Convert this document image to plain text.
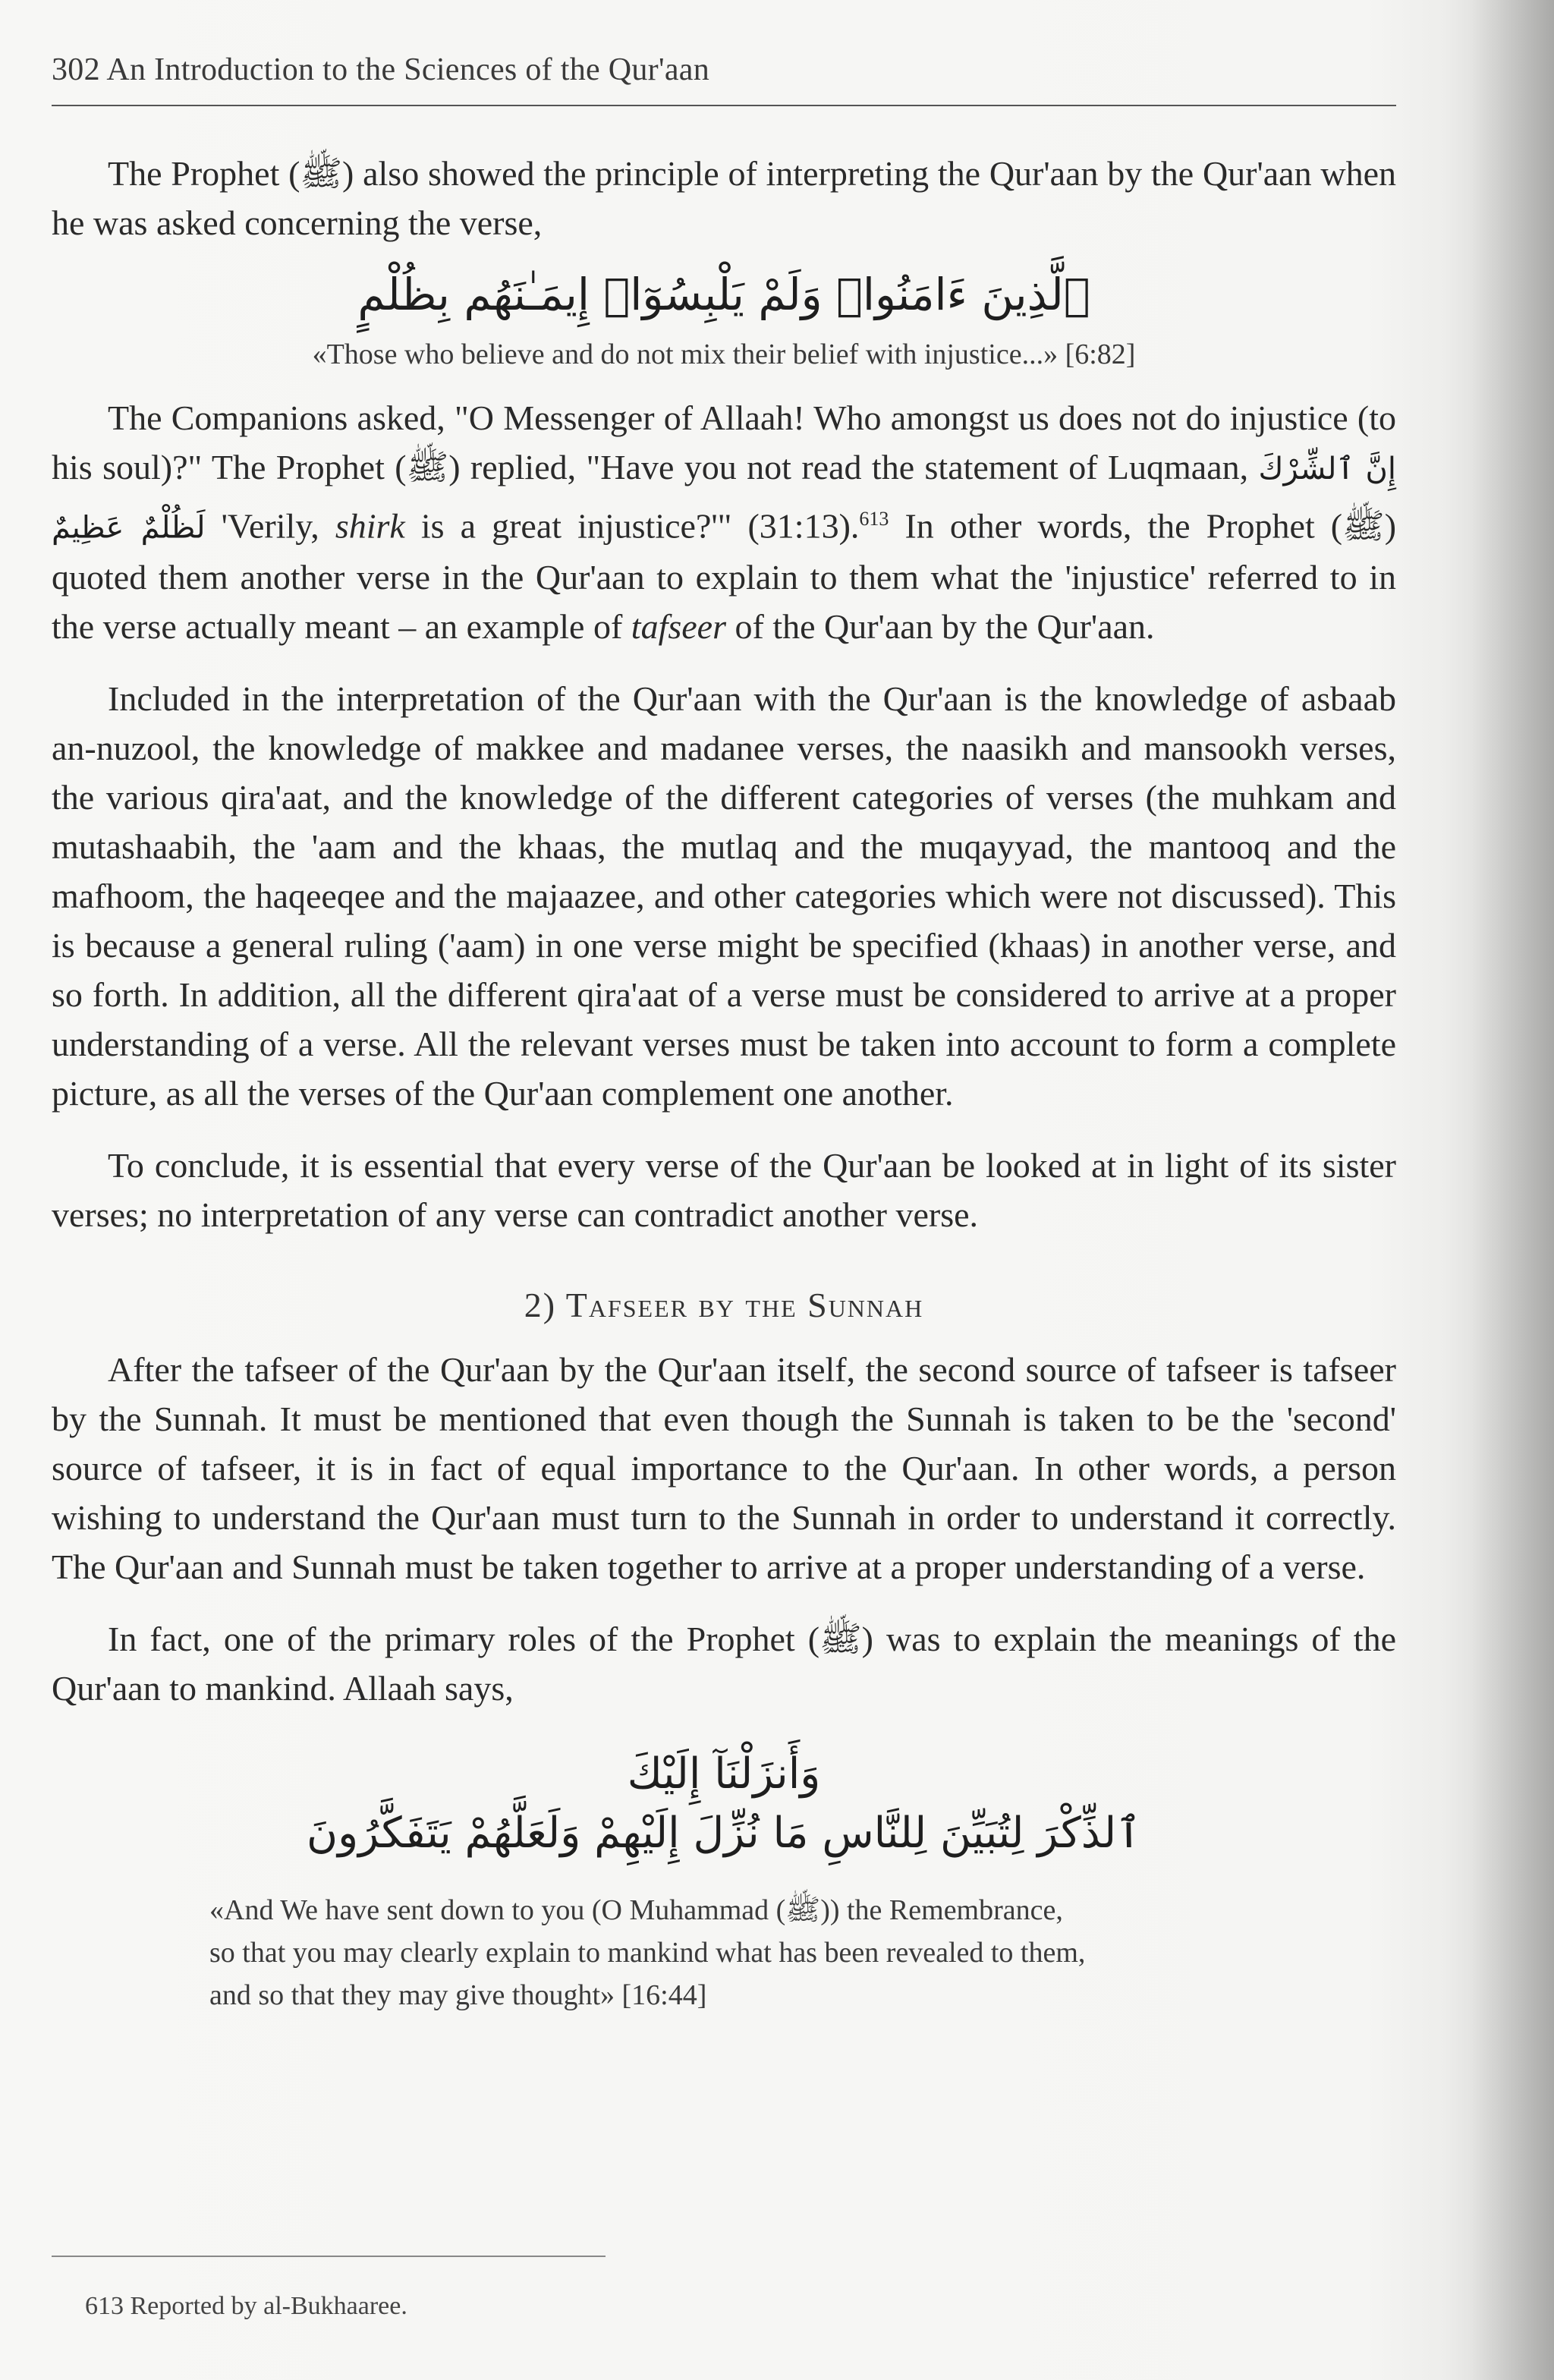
302 An Introduction to the Sciences of the Qur'aan

The Prophet (ﷺ) also showed the principle of interpreting the Qur'aan by the Qur'aan when he was asked concerning the verse,

ٱلَّذِينَ ءَامَنُوا۟ وَلَمْ يَلْبِسُوٓا۟ إِيمَـٰنَهُم بِظُلْمٍ
«Those who believe and do not mix their belief with injustice...» [6:82]

The Companions asked, "O Messenger of Allaah! Who amongst us does not do injustice (to his soul)?" The Prophet (ﷺ) replied, "Have you not read the statement of Luqmaan, إِنَّ ٱلشِّرْكَ لَظُلْمٌ عَظِيمٌ 'Verily, shirk is a great injustice?'" (31:13).$^{613}$ In other words, the Prophet (ﷺ) quoted them another verse in the Qur'aan to explain to them what the 'injustice' referred to in the verse actually meant – an example of tafseer of the Qur'aan by the Qur'aan.

Included in the interpretation of the Qur'aan with the Qur'aan is the knowledge of asbaab an-nuzool, the knowledge of makkee and madanee verses, the naasikh and mansookh verses, the various qira'aat, and the knowledge of the different categories of verses (the muhkam and mutashaabih, the 'aam and the khaas, the mutlaq and the muqayyad, the mantooq and the mafhoom, the haqeeqee and the majaazee, and other categories which were not discussed). This is because a general ruling ('aam) in one verse might be specified (khaas) in another verse, and so forth. In addition, all the different qira'aat of a verse must be considered to arrive at a proper understanding of a verse. All the relevant verses must be taken into account to form a complete picture, as all the verses of the Qur'aan complement one another.

To conclude, it is essential that every verse of the Qur'aan be looked at in light of its sister verses; no interpretation of any verse can contradict another verse.

2) Tafseer by the Sunnah

After the tafseer of the Qur'aan by the Qur'aan itself, the second source of tafseer is tafseer by the Sunnah. It must be mentioned that even though the Sunnah is taken to be the 'second' source of tafseer, it is in fact of equal importance to the Qur'aan. In other words, a person wishing to understand the Qur'aan must turn to the Sunnah in order to understand it correctly. The Qur'aan and Sunnah must be taken together to arrive at a proper understanding of a verse.

In fact, one of the primary roles of the Prophet (ﷺ) was to explain the meanings of the Qur'aan to mankind. Allaah says,

وَأَنزَلْنَآ إِلَيْكَ
ٱلذِّكْرَ لِتُبَيِّنَ لِلنَّاسِ مَا نُزِّلَ إِلَيْهِمْ وَلَعَلَّهُمْ يَتَفَكَّرُونَ
«And We have sent down to you (O Muhammad (ﷺ)) the Remembrance,
so that you may clearly explain to mankind what has been revealed to them,
and so that they may give thought» [16:44]
613 Reported by al-Bukhaaree.
